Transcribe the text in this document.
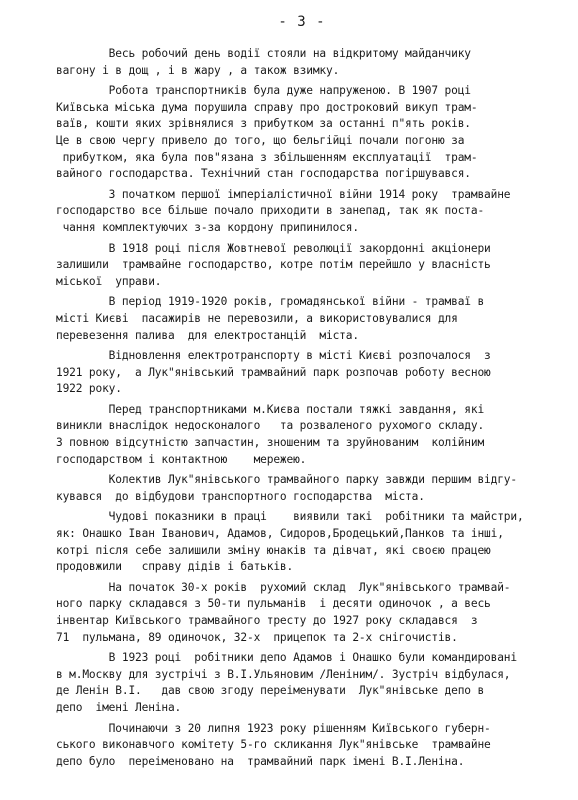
- 3 -
Весь робочий день водії стояли на відкритому майданчику
вагону і в дощ , і в жару , а також взимку.
Робота транспортників була дуже напруженою. В 1907 році
Київська міська дума порушила справу про достроковий викуп трам-
ваїв, кошти яких зрівнялися з прибутком за останні п"ять років.
Це в свою чергу привело до того, що бельгійці почали погоню за
прибутком, яка була пов"язана з збільшенням експлуатації  трам-
вайного господарства. Технічний стан господарства погіршувався.
З початком першої імперіалістичної війни 1914 року  трамвайне
господарство все більше почало приходити в занепад, так як поста-
чання комплектуючих з-за кордону припинилося.
В 1918 році після Жовтневої революції закордонні акціонери
залишили  трамвайне господарство, котре потім перейшло у власність
міської  управи.
В період 1919-1920 років, громадянської війни - трамваї в
місті Києві  пасажирів не перевозили, а використовувалися для
перевезення палива  для електростанцій  міста.
Відновлення електротранспорту в місті Києві розпочалося  з
1921 року,  а Лук"янівський трамвайний парк розпочав роботу весною
1922 року.
Перед транспортниками м.Києва постали тяжкі завдання, які
виникли внаслідок недосконалого   та розваленого рухомого складу.
З повною відсутністю запчастин, зношеним та зруйнованим  колійним
господарством і контактною    мережею.
Колектив Лук"янівського трамвайного парку завжди першим відгу-
кувався  до відбудови транспортного господарства  міста.
Чудові показники в праці    виявили такі  робітники та майстри,
як: Онашко Іван Іванович, Адамов, Сидоров,Бродецький,Панков та інші,
котрі після себе залишили зміну юнаків та дівчат, які своєю працею
продовжили   справу дідів і батьків.
На початок 30-х років  рухомий склад  Лук"янівського трамвай-
ного парку складався з 50-ти пульманів  і десяти одиночок , а весь
інвентар Київського трамвайного тресту до 1927 року складався  з
71  пульмана, 89 одиночок, 32-х  прицепок та 2-х снігочистів.
В 1923 році  робітники депо Адамов і Онашко були командировані
в м.Москву для зустрічі з В.І.Ульяновим /Леніним/. Зустріч відбулася,
де Ленін В.І.   дав свою згоду переіменувати  Лук"янівське депо в
депо  імені Леніна.
Починаючи з 20 липня 1923 року рішенням Київського губерн-
ського виконавчого комітету 5-го скликання Лук"янівське  трамвайне
депо було  переіменовано на  трамвайний парк імені В.І.Леніна.
